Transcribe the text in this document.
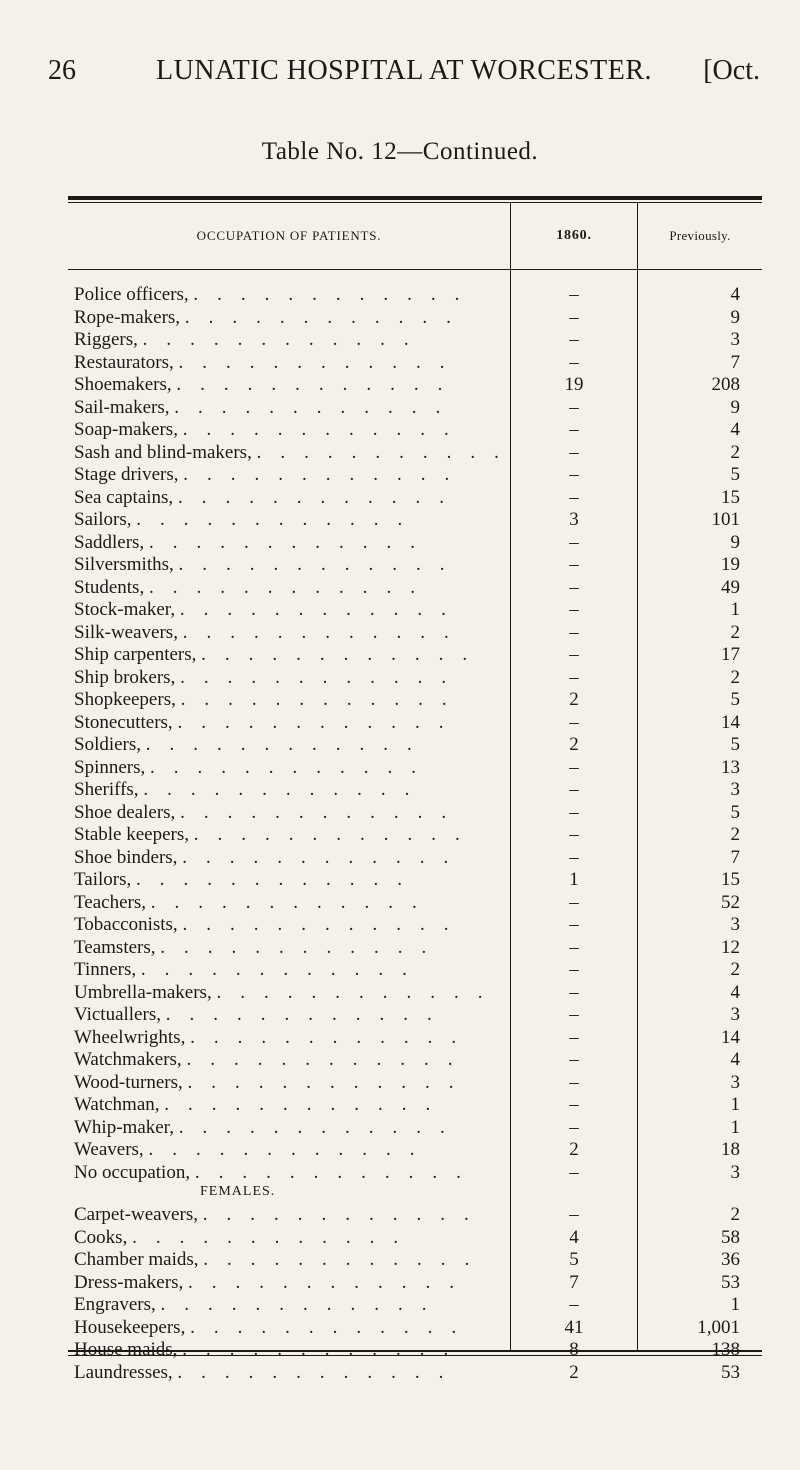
26	LUNATIC HOSPITAL AT WORCESTER.	[Oct.
Table No. 12—Continued.
OCCUPATION OF PATIENTS.	1860.	Previously.
Police officers, .	–	4
Rope-makers, .	–	9
Riggers, .	–	3
Restaurators, .	–	7
Shoemakers, .	19	208
Sail-makers, .	–	9
Soap-makers, .	–	4
Sash and blind-makers, .	–	2
Stage drivers, .	–	5
Sea captains, .	–	15
Sailors, .	3	101
Saddlers, .	–	9
Silversmiths, .	–	19
Students, .	–	49
Stock-maker, .	–	1
Silk-weavers, .	–	2
Ship carpenters, .	–	17
Ship brokers, .	–	2
Shopkeepers, .	2	5
Stonecutters, .	–	14
Soldiers, .	2	5
Spinners, .	–	13
Sheriffs, .	–	3
Shoe dealers, .	–	5
Stable keepers, .	–	2
Shoe binders, .	–	7
Tailors, .	1	15
Teachers, .	–	52
Tobacconists, .	–	3
Teamsters, .	–	12
Tinners, .	–	2
Umbrella-makers, .	–	4
Victuallers, .	–	3
Wheelwrights, .	–	14
Watchmakers, .	–	4
Wood-turners, .	–	3
Watchman, .	–	1
Whip-maker, .	–	1
Weavers, .	2	18
No occupation, .	–	3
Carpet-weavers, .	–	2
Cooks, .	4	58
Chamber maids, .	5	36
Dress-makers, .	7	53
Engravers, .	–	1
Housekeepers, .	41	1,001
House maids, .	8	138
Laundresses, .	2	53
FEMALES.
